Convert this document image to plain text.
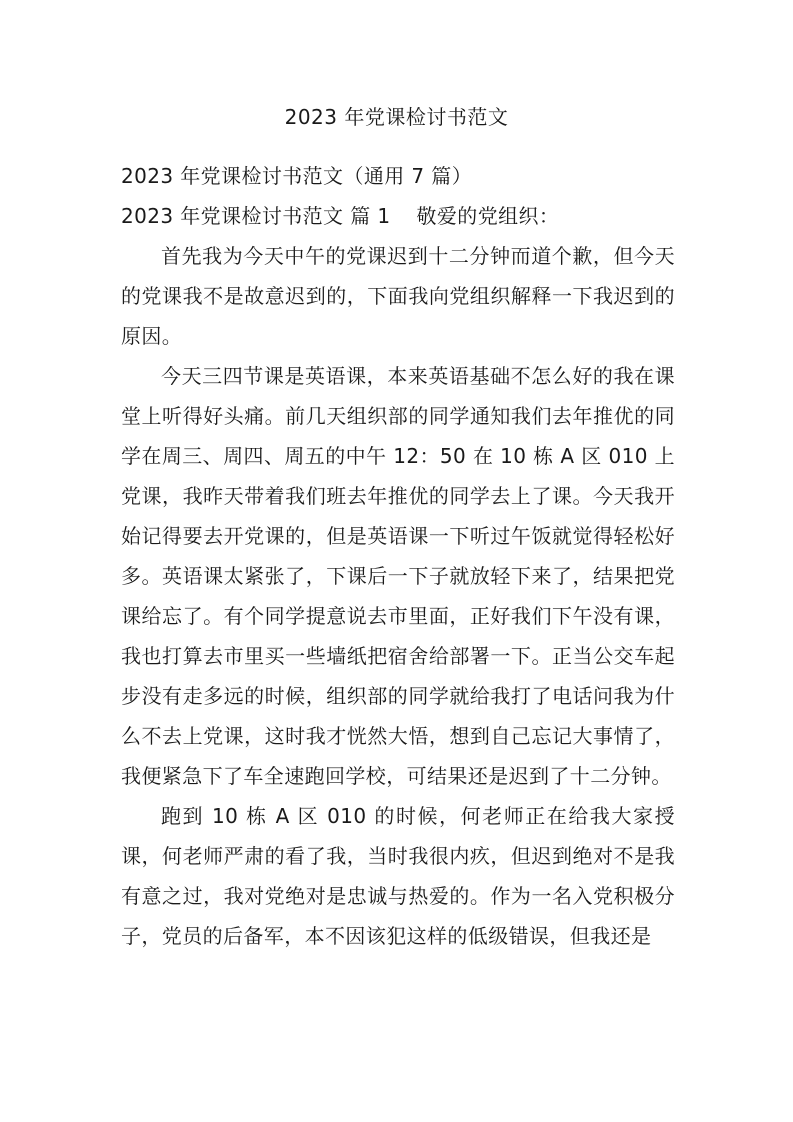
2023 年党课检讨书范文

2023 年党课检讨书范文（通用 7 篇）

2023 年党课检讨书范文 篇 1 敬爱的党组织：

首先我为今天中午的党课迟到十二分钟而道个歉，但今天的党课我不是故意迟到的，下面我向党组织解释一下我迟到的原因。

今天三四节课是英语课，本来英语基础不怎么好的我在课堂上听得好头痛。前几天组织部的同学通知我们去年推优的同学在周三、周四、周五的中午 12：50 在 10 栋 A 区 010 上党课，我昨天带着我们班去年推优的同学去上了课。今天我开始记得要去开党课的，但是英语课一下听过午饭就觉得轻松好多。英语课太紧张了，下课后一下子就放轻下来了，结果把党课给忘了。有个同学提意说去市里面，正好我们下午没有课，我也打算去市里买一些墙纸把宿舍给部署一下。正当公交车起步没有走多远的时候，组织部的同学就给我打了电话问我为什么不去上党课，这时我才恍然大悟，想到自己忘记大事情了，我便紧急下了车全速跑回学校，可结果还是迟到了十二分钟。

跑到 10 栋 A 区 010 的时候，何老师正在给我大家授课，何老师严肃的看了我，当时我很内疚，但迟到绝对不是我有意之过，我对党绝对是忠诚与热爱的。作为一名入党积极分子，党员的后备军，本不因该犯这样的低级错误，但我还是
